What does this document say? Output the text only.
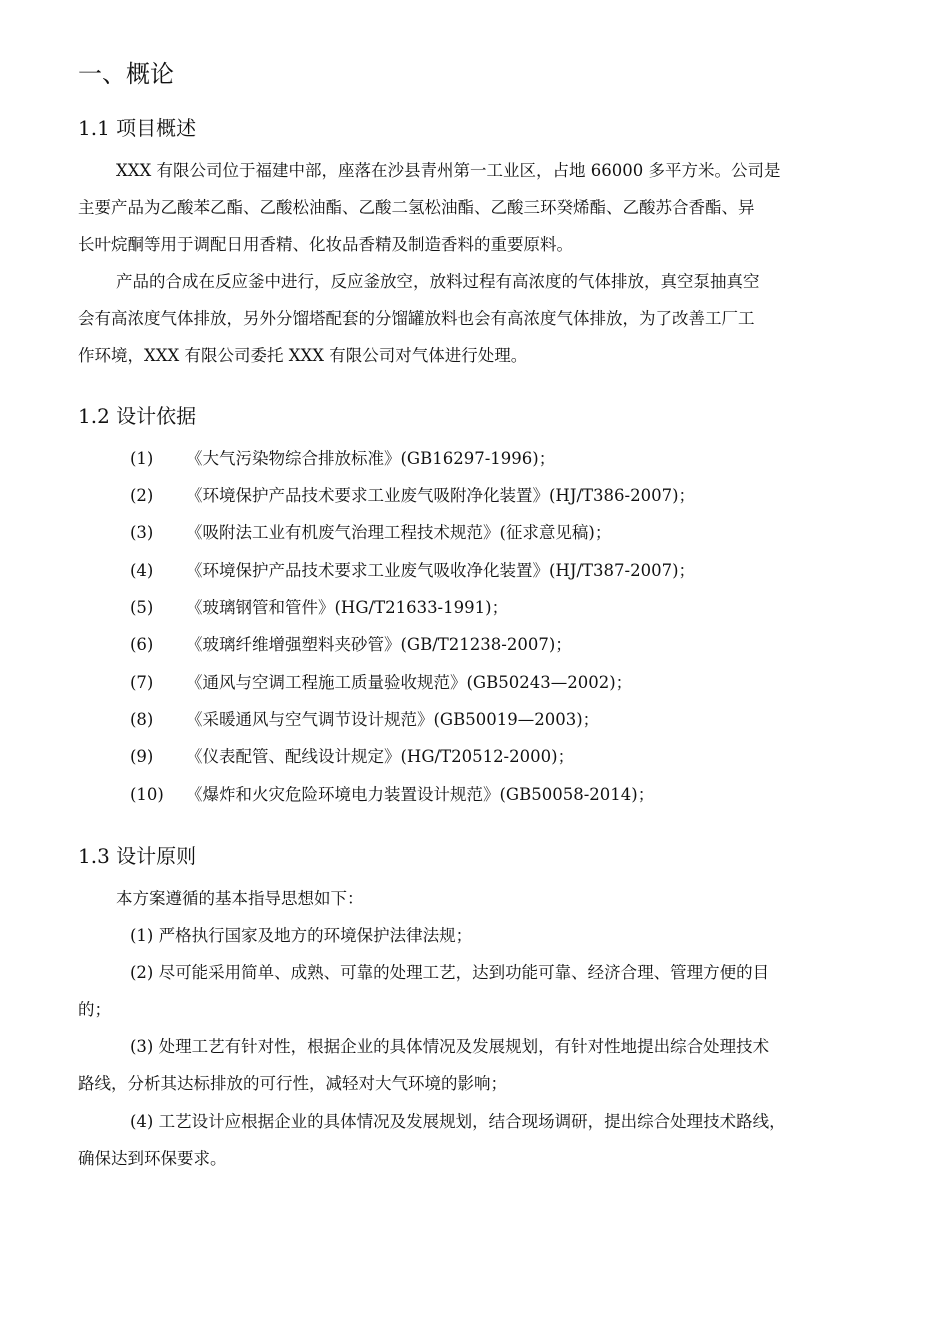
一、概论
1.1 项目概述
XXX 有限公司位于福建中部，座落在沙县青州第一工业区，占地 66000 多平方米。公司是
主要产品为乙酸苯乙酯、乙酸松油酯、乙酸二氢松油酯、乙酸三环癸烯酯、乙酸苏合香酯、异
长叶烷酮等用于调配日用香精、化妆品香精及制造香料的重要原料。
产品的合成在反应釜中进行，反应釜放空，放料过程有高浓度的气体排放，真空泵抽真空
会有高浓度气体排放，另外分馏塔配套的分馏罐放料也会有高浓度气体排放，为了改善工厂工
作环境，XXX 有限公司委托 XXX 有限公司对气体进行处理。
1.2 设计依据
(1) 《大气污染物综合排放标准》(GB16297-1996)；
(2) 《环境保护产品技术要求工业废气吸附净化装置》(HJ/T386-2007)；
(3) 《吸附法工业有机废气治理工程技术规范》(征求意见稿)；
(4) 《环境保护产品技术要求工业废气吸收净化装置》(HJ/T387-2007)；
(5) 《玻璃钢管和管件》(HG/T21633-1991)；
(6) 《玻璃纤维增强塑料夹砂管》(GB/T21238-2007)；
(7) 《通风与空调工程施工质量验收规范》(GB50243—2002)；
(8) 《采暖通风与空气调节设计规范》(GB50019—2003)；
(9) 《仪表配管、配线设计规定》(HG/T20512-2000)；
(10) 《爆炸和火灾危险环境电力装置设计规范》(GB50058-2014)；
1.3 设计原则
本方案遵循的基本指导思想如下：
(1) 严格执行国家及地方的环境保护法律法规；
(2) 尽可能采用简单、成熟、可靠的处理工艺，达到功能可靠、经济合理、管理方便的目
的；
(3) 处理工艺有针对性，根据企业的具体情况及发展规划，有针对性地提出综合处理技术
路线，分析其达标排放的可行性，减轻对大气环境的影响；
(4) 工艺设计应根据企业的具体情况及发展规划，结合现场调研，提出综合处理技术路线，
确保达到环保要求。
